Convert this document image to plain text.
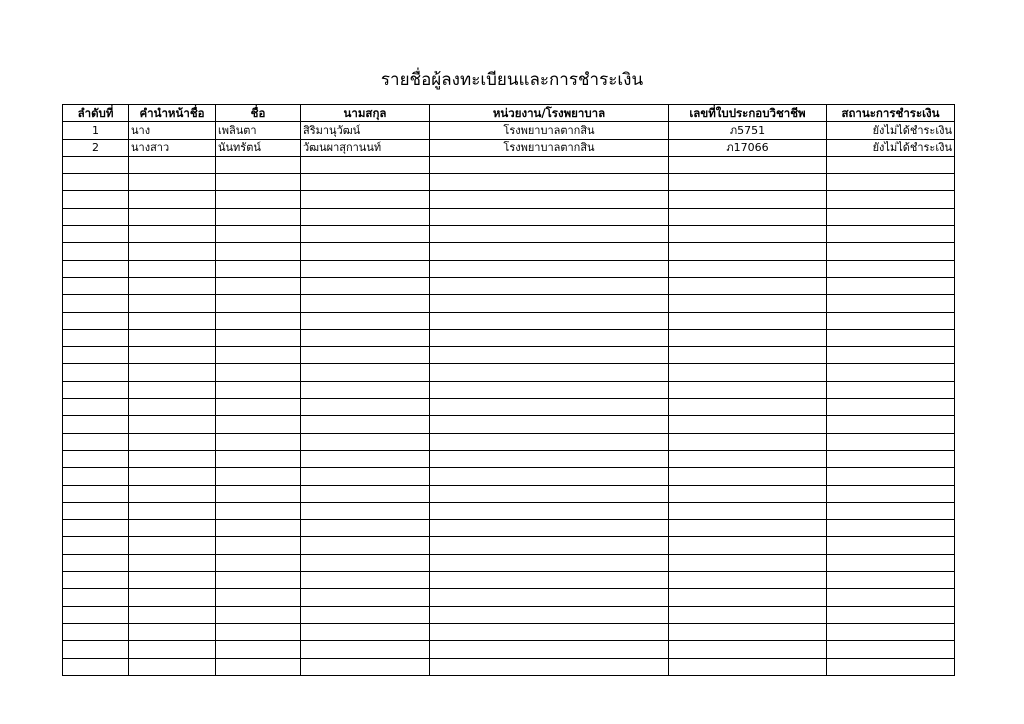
รายชื่อผู้ลงทะเบียนและการชำระเงิน
ลำดับที่	คำนำหน้าชื่อ	ชื่อ	นามสกุล	หน่วยงาน/โรงพยาบาล	เลขที่ใบประกอบวิชาชีพ	สถานะการชำระเงิน
1	นาง	เพลินตา	สิริมานุวัฒน์	โรงพยาบาลตากสิน	ภ5751	ยังไม่ได้ชำระเงิน
2	นางสาว	นันทรัตน์	วัฒนผาสุกานนท์	โรงพยาบาลตากสิน	ภ17066	ยังไม่ได้ชำระเงิน
